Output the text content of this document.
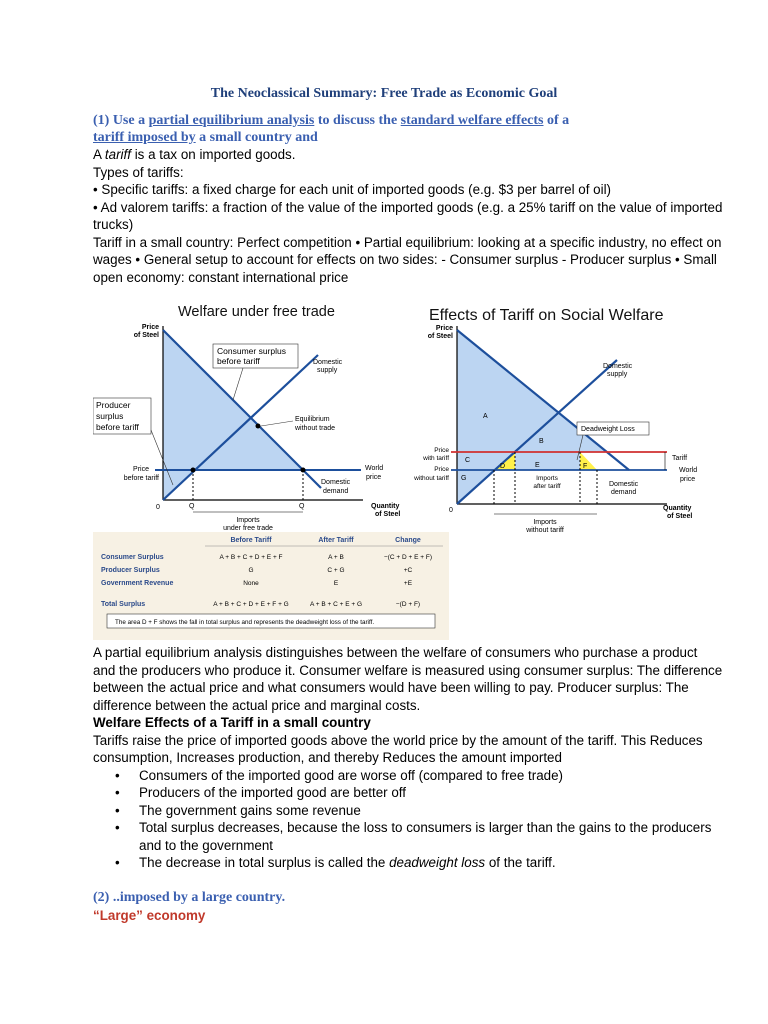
The Neoclassical Summary: Free Trade as Economic Goal
(1) Use a partial equilibrium analysis to discuss the standard welfare effects of a
tariff imposed by a small country and

A tariff is a tax on imported goods.

Types of tariffs:

• Specific tariffs: a fixed charge for each unit of imported goods (e.g. $3 per barrel of oil)

• Ad valorem tariffs: a fraction of the value of the imported goods (e.g. a 25% tariff on the value of imported trucks)

Tariff in a small country: Perfect competition • Partial equilibrium: looking at a specific industry, no effect on wages • General setup to account for effects on two sides: - Consumer surplus - Producer surplus • Small open economy: constant international price

Welfare under free trade
Price
of Steel
Consumer surplus
before tariff
Producer
surplus
before tariff
Domestic
supply
Equilibrium
without trade
Price
before tariff
World
price
Domestic
demand
0	Q	Q	Quantity
of Steel
Imports
under free trade
Effects of Tariff on Social Welfare
Price
of Steel
Domestic
supply
A
B
C
D	E	F
G
Deadweight Loss
Price
with tariff
Price
without tariff
Tariff
World
price
Imports
after tariff	Domestic
demand
0	Quantity
of Steel
Imports
without tariff
Before Tariff	After Tariff	Change
Consumer Surplus	A + B + C + D + E + F	A + B	−(C + D + E + F)
Producer Surplus	G	C + G	+C
Government Revenue	None	E	+E
Total Surplus	A + B + C + D + E + F + G	A + B + C + E + G	−(D + F)
The area D + F shows the fall in total surplus and represents the deadweight loss of the tariff.

A partial equilibrium analysis distinguishes between the welfare of consumers who purchase a product and the producers who produce it. Consumer welfare is measured using consumer surplus: The difference between the actual price and what consumers would have been willing to pay. Producer surplus: The difference between the actual price and marginal costs.

Welfare Effects of a Tariff in a small country

Tariffs raise the price of imported goods above the world price by the amount of the tariff. This Reduces consumption, Increases production, and thereby Reduces the amount imported

• Consumers of the imported good are worse off (compared to free trade)
• Producers of the imported good are better off
• The government gains some revenue
• Total surplus decreases, because the loss to consumers is larger than the gains to the producers and to the government
• The decrease in total surplus is called the deadweight loss of the tariff.
(2) ..imposed by a large country.
“Large” economy
